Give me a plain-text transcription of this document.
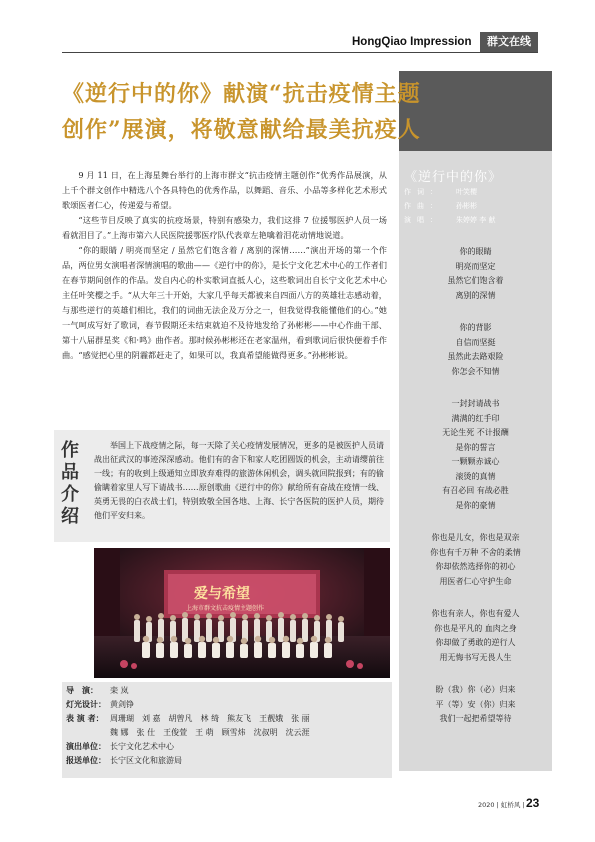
HongQiao Impression	群文在线
《逆行中的你》献演“抗击疫情主题
创作”展演，将敬意献给最美抗疫人

9 月 11 日，在上海星舞台举行的上海市群文“抗击疫情主题创作”优秀作品展演，从上千个群文创作中精选八个各具特色的优秀作品，以舞蹈、音乐、小品等多样化艺术形式歌颂医者仁心，传递爱与希望。

“这些节目反映了真实的抗疫场景，特别有感染力，我们这排 7 位援鄂医护人员一场看就泪目了。”上海市第六人民医院援鄂医疗队代表章左艳噙着泪花动情地说道。

“你的眼睛 / 明亮而坚定 / 虽然它们饱含着 / 离别的深情……”演出开场的第一个作品，两位男女演唱者深情演唱的歌曲——《逆行中的你》，是长宁文化艺术中心的工作者们在春节期间创作的作品。发自内心的朴实歌词直抵人心，这些歌词出自长宁文化艺术中心主任叶笑樱之手。“从大年三十开始，大家几乎每天都被来自四面八方的英雄壮志感动着，与那些逆行的英雄们相比，我们的词曲无法企及万分之一，但我觉得我能懂他们的心。”她一气呵成写好了歌词，春节假期还未结束就迫不及待地发给了孙彬彬——中心作曲干部、第十八届群星奖《和·鸣》曲作者。那时候孙彬彬还在老家温州，看到歌词后很快便着手作曲。“感觉把心里的阴霾都赶走了，如果可以，我真希望能做得更多。”孙彬彬说。

作
品
介
绍

举国上下战疫情之际，每一天除了关心疫情发展情况，更多的是被医护人员请战出征武汉的事迹深深感动。他们有的舍下和家人吃团圆饭的机会，主动请缨前往一线；有的收到上级通知立即放弃难得的旅游休闲机会，调头就回院报到；有的偷偷瞒着家里人写下请战书……原创歌曲《逆行中的你》献给所有奋战在疫情一线、英勇无畏的白衣战士们，特别致敬全国各地、上海、长宁各医院的医护人员，期待他们平安归来。

爱与希望
上海市群文抗击疫情主题创作
导　演： 栾 岚
灯光设计： 黄剑铮
表 演 者： 周珊瑚　刘 嘉　胡曾凡　林 绮　熊友飞　王靓娥　张 丽
魏 娜　张 仕　王俊萱　王 萌　顾雪炜　沈叔明　沈云涯
演出单位： 长宁文化艺术中心
报送单位： 长宁区文化和旅游局
《逆行中的你》
作词： 叶笑樱
作曲： 孙彬彬
演唱： 朱婷婷 李 献
你的眼睛
明亮而坚定
虽然它们饱含着
离别的深情
你的背影
自信而坚挺
虽然此去路艰险
你怎会不知情
一封封请战书
满满的红手印
无论生死 不计报酬
是你的誓言
一颗颗赤诚心
滚烫的真情
有召必回 有战必胜
是你的豪情
你也是儿女，你也是双亲
你也有千万种 不舍的柔情
你却依然选择你的初心
用医者仁心守护生命
你也有亲人，你也有爱人
你也是平凡的 血肉之身
你却做了勇敢的逆行人
用无悔书写无畏人生
盼（我）你（必）归来
平（等）安（你）归来
我们一起把希望等待
2020 | 虹桥风 | 23
